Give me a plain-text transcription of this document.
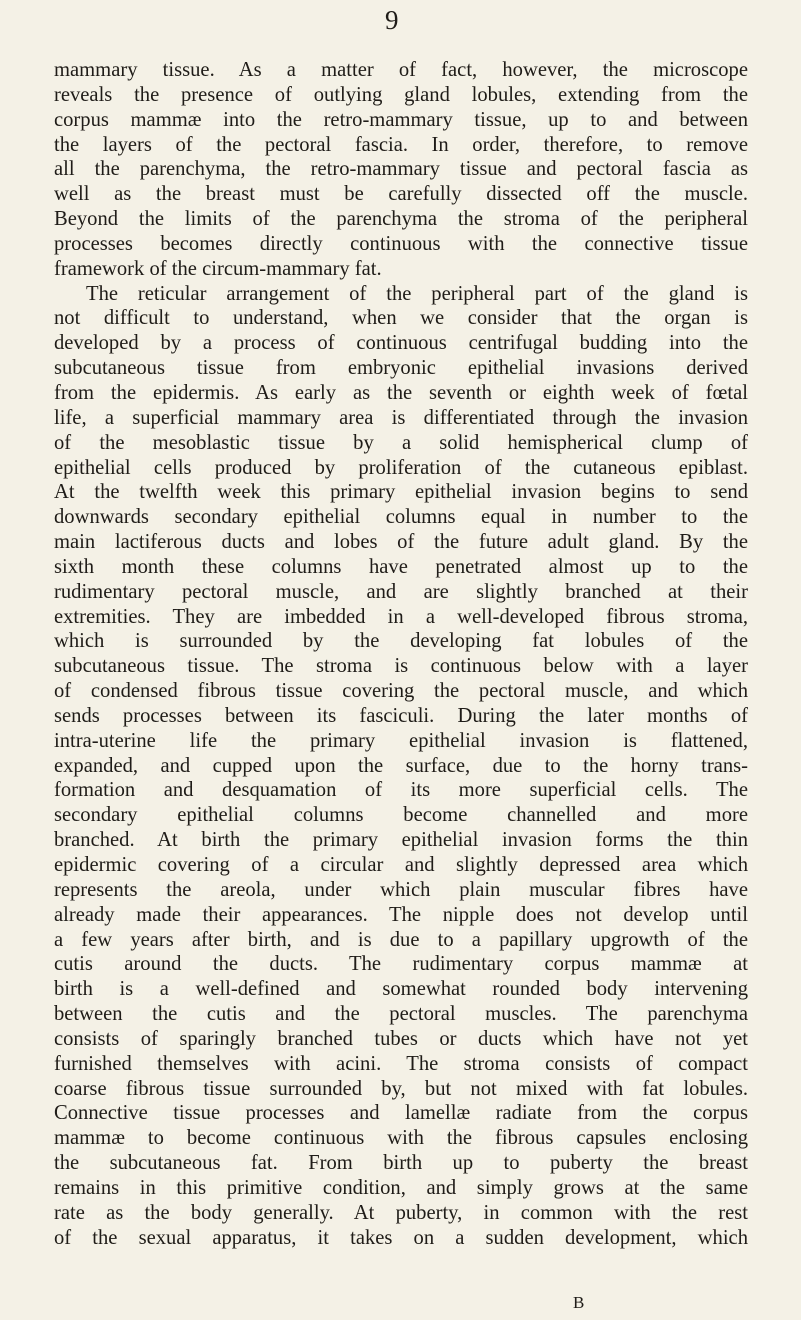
9
mammary tissue. As a matter of fact, however, the microscope
reveals the presence of outlying gland lobules, extending from the
corpus mammæ into the retro-mammary tissue, up to and between
the layers of the pectoral fascia. In order, therefore, to remove
all the parenchyma, the retro-mammary tissue and pectoral fascia as
well as the breast must be carefully dissected off the muscle.
Beyond the limits of the parenchyma the stroma of the peripheral
processes becomes directly continuous with the connective tissue
framework of the circum-mammary fat.
The reticular arrangement of the peripheral part of the gland is
not difficult to understand, when we consider that the organ is
developed by a process of continuous centrifugal budding into the
subcutaneous tissue from embryonic epithelial invasions derived
from the epidermis. As early as the seventh or eighth week of fœtal
life, a superficial mammary area is differentiated through the invasion
of the mesoblastic tissue by a solid hemispherical clump of
epithelial cells produced by proliferation of the cutaneous epiblast.
At the twelfth week this primary epithelial invasion begins to send
downwards secondary epithelial columns equal in number to the
main lactiferous ducts and lobes of the future adult gland. By the
sixth month these columns have penetrated almost up to the
rudimentary pectoral muscle, and are slightly branched at their
extremities. They are imbedded in a well-developed fibrous stroma,
which is surrounded by the developing fat lobules of the
subcutaneous tissue. The stroma is continuous below with a layer
of condensed fibrous tissue covering the pectoral muscle, and which
sends processes between its fasciculi. During the later months of
intra-uterine life the primary epithelial invasion is flattened,
expanded, and cupped upon the surface, due to the horny trans-
formation and desquamation of its more superficial cells. The
secondary epithelial columns become channelled and more
branched. At birth the primary epithelial invasion forms the thin
epidermic covering of a circular and slightly depressed area which
represents the areola, under which plain muscular fibres have
already made their appearances. The nipple does not develop until
a few years after birth, and is due to a papillary upgrowth of the
cutis around the ducts. The rudimentary corpus mammæ at
birth is a well-defined and somewhat rounded body intervening
between the cutis and the pectoral muscles. The parenchyma
consists of sparingly branched tubes or ducts which have not yet
furnished themselves with acini. The stroma consists of compact
coarse fibrous tissue surrounded by, but not mixed with fat lobules.
Connective tissue processes and lamellæ radiate from the corpus
mammæ to become continuous with the fibrous capsules enclosing
the subcutaneous fat. From birth up to puberty the breast
remains in this primitive condition, and simply grows at the same
rate as the body generally. At puberty, in common with the rest
of the sexual apparatus, it takes on a sudden development, which
B
